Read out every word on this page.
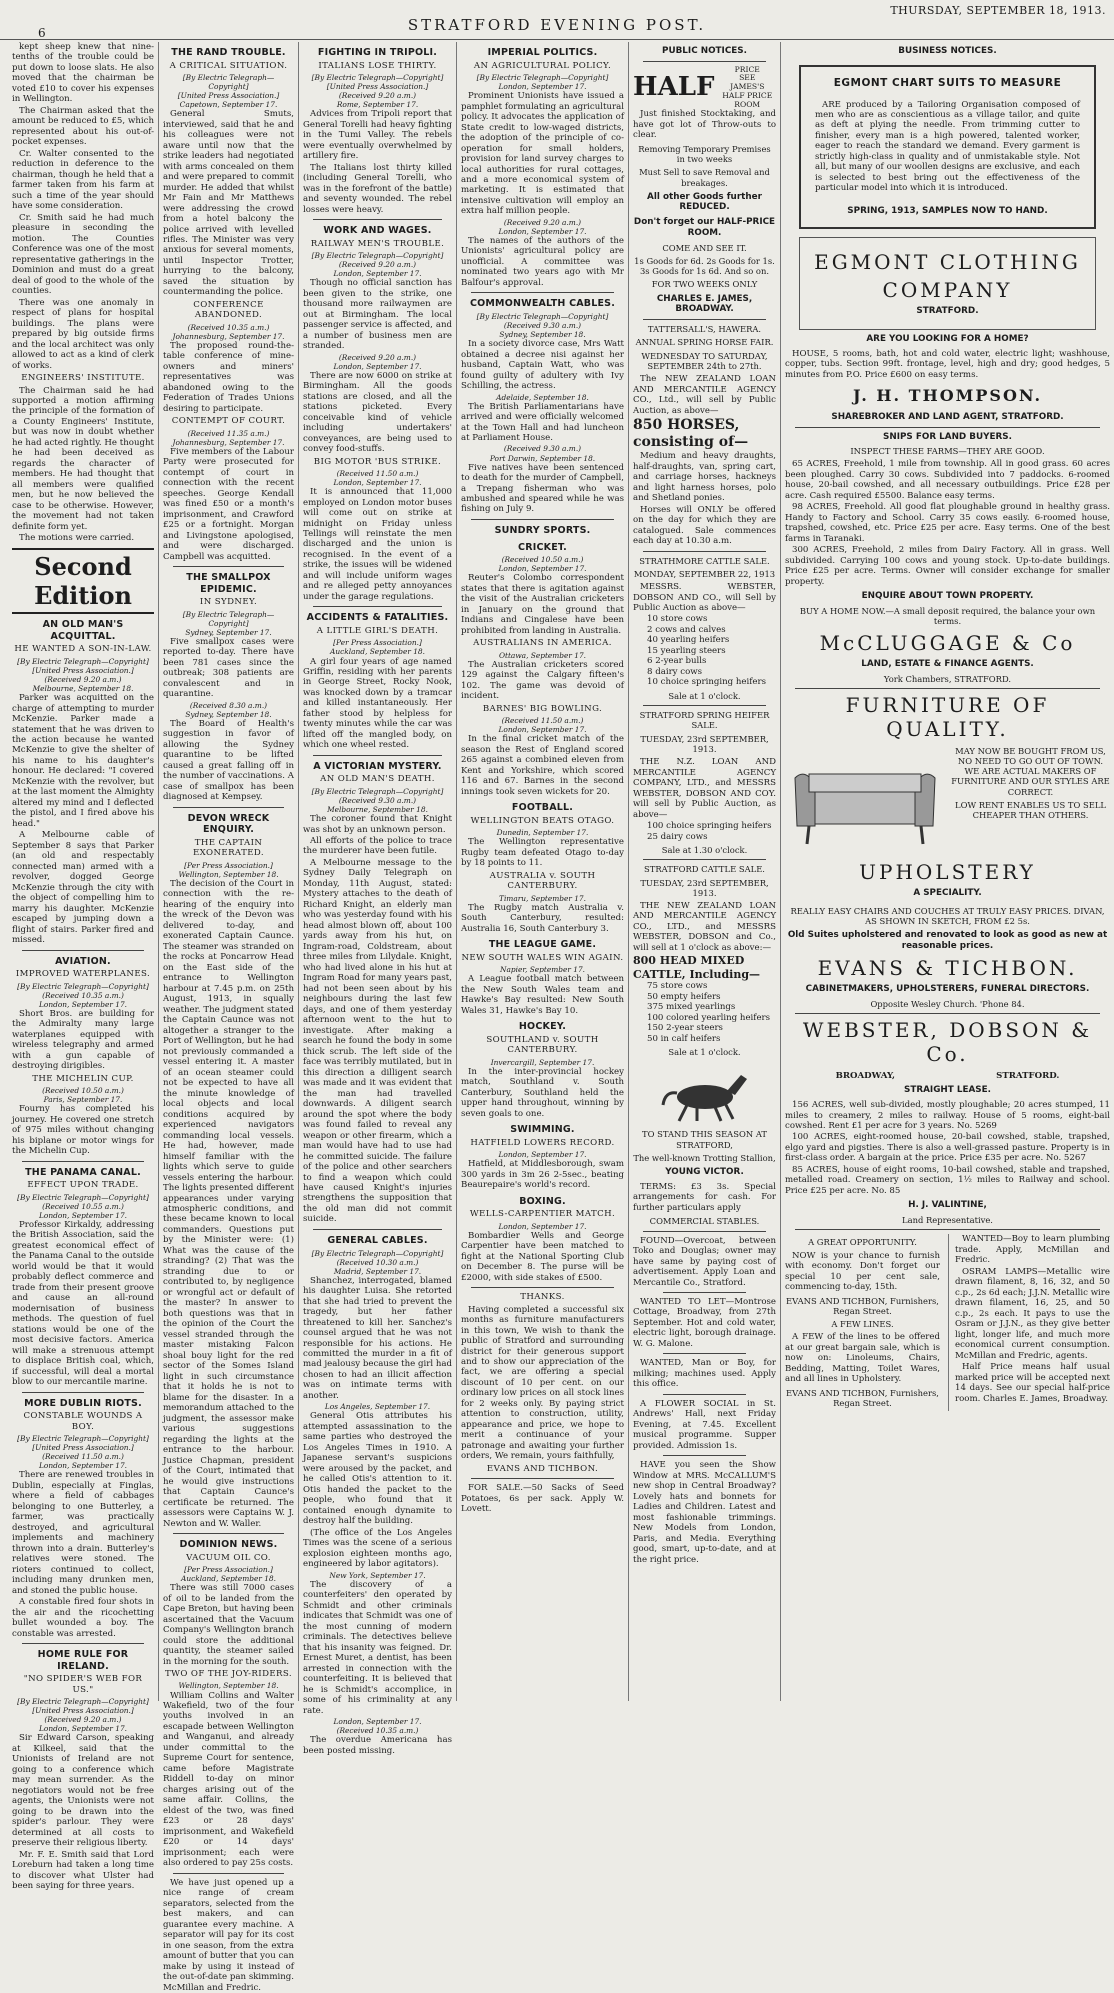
6	STRATFORD EVENING POST.
THURSDAY, SEPTEMBER 18, 1913.

kept sheep knew that nine-tenths of the trouble could be put down to loose slats. He also moved that the chairman be voted £10 to cover his expenses in Wellington.

The Chairman asked that the amount be reduced to £5, which represented about his out-of-pocket expenses.

Cr. Walter consented to the reduction in deference to the chairman, though he held that a farmer taken from his farm at such a time of the year should have some consideration.

Cr. Smith said he had much pleasure in seconding the motion. The Counties Conference was one of the most representative gatherings in the Dominion and must do a great deal of good to the whole of the counties.

There was one anomaly in respect of plans for hospital buildings. The plans were prepared by big outside firms and the local architect was only allowed to act as a kind of clerk of works.

ENGINEERS' INSTITUTE.

The Chairman said he had supported a motion affirming the principle of the formation of a County Engineers' Institute, but was now in doubt whether he had acted rightly. He thought he had been deceived as regards the character of members. He had thought that all members were qualified men, but he now believed the case to be otherwise. However, the movement had not taken definite form yet.

The motions were carried.

Second Edition
AN OLD MAN'S ACQUITTAL.
HE WANTED A SON-IN-LAW.
[By Electric Telegraph—Copyright]
[United Press Association.]
(Received 9.20 a.m.)
Melbourne, September 18.

Parker was acquitted on the charge of attempting to murder McKenzie. Parker made a statement that he was driven to the action because he wanted McKenzie to give the shelter of his name to his daughter's honour. He declared: "I covered McKenzie with the revolver, but at the last moment the Almighty altered my mind and I deflected the pistol, and I fired above his head."

A Melbourne cable of September 8 says that Parker (an old and respectably connected man) armed with a revolver, dogged George McKenzie through the city with the object of compelling him to marry his daughter. McKenzie escaped by jumping down a flight of stairs. Parker fired and missed.

AVIATION.
IMPROVED WATERPLANES.
[By Electric Telegraph—Copyright]
(Received 10.35 a.m.)
London, September 17.

Short Bros. are building for the Admiralty many large waterplanes equipped with wireless telegraphy and armed with a gun capable of destroying dirigibles.

THE MICHELIN CUP.
(Received 10.50 a.m.)
Paris, September 17.

Fourny has completed his journey. He covered one stretch of 975 miles without changing his biplane or motor wings for the Michelin Cup.

THE PANAMA CANAL.
EFFECT UPON TRADE.
[By Electric Telegraph—Copyright]
(Received 10.55 a.m.)
London, September 17.

Professor Kirkaldy, addressing the British Association, said the greatest economical effect of the Panama Canal to the outside world would be that it would probably deflect commerce and trade from their present groove and cause an all-round modernisation of business methods. The question of fuel stations would be one of the most decisive factors. America will make a strenuous attempt to displace British coal, which, if successful, will deal a mortal blow to our mercantile marine.

MORE DUBLIN RIOTS.
CONSTABLE WOUNDS A BOY.
[By Electric Telegraph—Copyright]
[United Press Association.]
(Received 11.50 a.m.)
London, September 17.

There are renewed troubles in Dublin, especially at Finglas, where a field of cabbages belonging to one Butterley, a farmer, was practically destroyed, and agricultural implements and machinery thrown into a drain. Butterley's relatives were stoned. The rioters continued to collect, including many drunken men, and stoned the public house.

A constable fired four shots in the air and the ricochetting bullet wounded a boy. The constable was arrested.

HOME RULE FOR IRELAND.
"NO SPIDER'S WEB FOR US."
[By Electric Telegraph—Copyright]
[United Press Association.]
(Received 9.20 a.m.)
London, September 17.

Sir Edward Carson, speaking at Kilkeel, said that the Unionists of Ireland are not going to a conference which may mean surrender. As the negotiators would not be free agents, the Unionists were not going to be drawn into the spider's parlour. They were determined at all costs to preserve their religious liberty.

Mr. F. E. Smith said that Lord Loreburn had taken a long time to discover what Ulster had been saying for three years.

THE RAND TROUBLE.
A CRITICAL SITUATION.
[By Electric Telegraph—Copyright]
[United Press Association.]
Capetown, September 17.

General Smuts, interviewed, said that he and his colleagues were not aware until now that the strike leaders had negotiated with arms concealed on them and were prepared to commit murder. He added that whilst Mr Fain and Mr Matthews were addressing the crowd from a hotel balcony the police arrived with levelled rifles. The Minister was very anxious for several moments, until Inspector Trotter, hurrying to the balcony, saved the situation by countermanding the police.

CONFERENCE ABANDONED.
(Received 10.35 a.m.)
Johannesburg, September 17.

The proposed round-the-table conference of mine-owners and miners' representatives was abandoned owing to the Federation of Trades Unions desiring to participate.

CONTEMPT OF COURT.
(Received 11.35 a.m.)
Johannesburg, September 17.

Five members of the Labour Party were prosecuted for contempt of court in connection with the recent speeches. George Kendall was fined £50 or a month's imprisonment, and Crawford £25 or a fortnight. Morgan and Livingstone apologised, and were discharged. Campbell was acquitted.

THE SMALLPOX EPIDEMIC.
IN SYDNEY.
[By Electric Telegraph—Copyright]
Sydney, September 17.

Five smallpox cases were reported to-day. There have been 781 cases since the outbreak; 308 patients are convalescent and in quarantine.

(Received 8.30 a.m.)
Sydney, September 18.

The Board of Health's suggestion in favor of allowing the Sydney quarantine to be lifted caused a great falling off in the number of vaccinations. A case of smallpox has been diagnosed at Kempsey.

DEVON WRECK ENQUIRY.
THE CAPTAIN EXONERATED.
[Per Press Association.]
Wellington, September 18.

The decision of the Court in connection with the re-hearing of the enquiry into the wreck of the Devon was delivered to-day, and exonerated Captain Caunce. The steamer was stranded on the rocks at Poncarrow Head on the East side of the entrance to Wellington harbour at 7.45 p.m. on 25th August, 1913, in squally weather. The judgment stated the Captain Caunce was not altogether a stranger to the Port of Wellington, but he had not previously commanded a vessel entering it. A master of an ocean steamer could not be expected to have all the minute knowledge of local objects and local conditions acquired by experienced navigators commanding local vessels. He had, however, made himself familiar with the lights which serve to guide vessels entering the harbour. The lights presented different appearances under varying atmospheric conditions, and these became known to local commanders. Questions put by the Minister were: (1) What was the cause of the stranding? (2) That was the stranding due to or contributed to, by negligence or wrongful act or default of the master? In answer to both questions was that in the opinion of the Court the vessel stranded through the master mistaking Falcon shoal bouy light for the red sector of the Somes Island light in such circumstance that it holds he is not to blame for the disaster. In a memorandum attached to the judgment, the assessor make various suggestions regarding the lights at the entrance to the harbour. Justice Chapman, president of the Court, intimated that he would give instructions that Captain Caunce's certificate be returned. The assessors were Captains W. J. Newton and W. Waller.

DOMINION NEWS.
VACUUM OIL CO.
[Per Press Association.]
Auckland, September 18.

There was still 7000 cases of oil to be landed from the Cape Breton, but having been ascertained that the Vacuum Company's Wellington branch could store the additional quantity, the steamer sailed in the morning for the south.

TWO OF THE JOY-RIDERS.
Wellington, September 18.

William Collins and Walter Wakefield, two of the four youths involved in an escapade between Wellington and Wanganui, and already under committal to the Supreme Court for sentence, came before Magistrate Riddell to-day on minor charges arising out of the same affair. Collins, the eldest of the two, was fined £23 or 28 days' imprisonment, and Wakefield £20 or 14 days' imprisonment; each were also ordered to pay 25s costs.

We have just opened up a nice range of cream separators, selected from the best makers, and can guarantee every machine. A separator will pay for its cost in one season, from the extra amount of butter that you can make by using it instead of the out-of-date pan skimming. McMillan and Fredric.

FIGHTING IN TRIPOLI.
ITALIANS LOSE THIRTY.
[By Electric Telegraph—Copyright]
[United Press Association.]
(Received 9.20 a.m.)
Rome, September 17.

Advices from Tripoli report that General Torelli had heavy fighting in the Tumi Valley. The rebels were eventually overwhelmed by artillery fire.

The Italians lost thirty killed (including General Torelli, who was in the forefront of the battle) and seventy wounded. The rebel losses were heavy.

WORK AND WAGES.
RAILWAY MEN'S TROUBLE.
[By Electric Telegraph—Copyright]
(Received 9.20 a.m.)
London, September 17.

Though no official sanction has been given to the strike, one thousand more railwaymen are out at Birmingham. The local passenger service is affected, and a number of business men are stranded.

(Received 9.20 a.m.)
London, September 17.

There are now 6000 on strike at Birmingham. All the goods stations are closed, and all the stations picketed. Every conceivable kind of vehicle including undertakers' conveyances, are being used to convey food-stuffs.

BIG MOTOR 'BUS STRIKE.
(Received 11.50 a.m.)
London, September 17.

It is announced that 11,000 employed on London motor buses will come out on strike at midnight on Friday unless Tellings will reinstate the men discharged and the union is recognised. In the event of a strike, the issues will be widened and will include uniform wages and re alleged petty annoyances under the garage regulations.

ACCIDENTS & FATALITIES.
A LITTLE GIRL'S DEATH.
[Per Press Association.]
Auckland, September 18.

A girl four years of age named Griffin, residing with her parents in George Street, Rocky Nook, was knocked down by a tramcar and killed instantaneously. Her father stood by helpless for twenty minutes while the car was lifted off the mangled body, on which one wheel rested.

A VICTORIAN MYSTERY.
AN OLD MAN'S DEATH.
[By Electric Telegraph—Copyright]
(Received 9.30 a.m.)
Melbourne, September 18.

The coroner found that Knight was shot by an unknown person.

All efforts of the police to trace the murderer have been futile.

A Melbourne message to the Sydney Daily Telegraph on Monday, 11th August, stated: Mystery attaches to the death of Richard Knight, an elderly man who was yesterday found with his head almost blown off, about 100 yards away from his hut, on Ingram-road, Coldstream, about three miles from Lilydale. Knight, who had lived alone in his hut at Ingram Road for many years past, had not been seen about by his neighbours during the last few days, and one of them yesterday afternoon went to the hut to investigate. After making a search he found the body in some thick scrub. The left side of the face was terribly mutilated, but in this direction a dilligent search was made and it was evident that the man had travelled downwards. A diligent search around the spot where the body was found failed to reveal any weapon or other firearm, which a man would have had to use had he committed suicide. The failure of the police and other searchers to find a weapon which could have caused Knight's injuries strengthens the supposition that the old man did not commit suicide.

GENERAL CABLES.
[By Electric Telegraph—Copyright]
(Received 10.30 a.m.)
Madrid, September 17.

Shanchez, interrogated, blamed his daughter Luisa. She retorted that she had tried to prevent the tragedy, but her father threatened to kill her. Sanchez's counsel argued that he was not responsible for his actions. He committed the murder in a fit of mad jealousy because the girl had chosen to had an illicit affection was on intimate terms with another.

Los Angeles, September 17.

General Otis attributes his attempted assassination to the same parties who destroyed the Los Angeles Times in 1910. A Japanese servant's suspicions were aroused by the packet, and he called Otis's attention to it. Otis handed the packet to the people, who found that it contained enough dynamite to destroy half the building.

(The office of the Los Angeles Times was the scene of a serious explosion eighteen months ago, engineered by labor agitators).

New York, September 17.

The discovery of a counterfeiters' den operated by Schmidt and other criminals indicates that Schmidt was one of the most cunning of modern criminals. The detectives believe that his insanity was feigned. Dr. Ernest Muret, a dentist, has been arrested in connection with the counterfeiting. It is believed that he is Schmidt's accomplice, in some of his criminality at any rate.

London, September 17.
(Received 10.35 a.m.)

The overdue Americana has been posted missing.

IMPERIAL POLITICS.
AN AGRICULTURAL POLICY.
[By Electric Telegraph—Copyright]
London, September 17.

Prominent Unionists have issued a pamphlet formulating an agricultural policy. It advocates the application of State credit to low-waged districts, the adoption of the principle of co-operation for small holders, provision for land survey charges to local authorities for rural cottages, and a more economical system of marketing. It is estimated that intensive cultivation will employ an extra half million people.

(Received 9.20 a.m.)
London, September 17.

The names of the authors of the Unionists' agricultural policy are unofficial. A committee was nominated two years ago with Mr Balfour's approval.

COMMONWEALTH CABLES.
[By Electric Telegraph—Copyright]
(Received 9.30 a.m.)
Sydney, September 18.

In a society divorce case, Mrs Watt obtained a decree nisi against her husband, Captain Watt, who was found guilty of adultery with Ivy Schilling, the actress.

Adelaide, September 18.

The British Parliamentarians have arrived and were officially welcomed at the Town Hall and had luncheon at Parliament House.

(Received 9.30 a.m.)
Port Darwin, September 18.

Five natives have been sentenced to death for the murder of Campbell, a Trepang fisherman who was ambushed and speared while he was fishing on July 9.

SUNDRY SPORTS.
CRICKET.
(Received 10.50 a.m.)
London, September 17.

Reuter's Colombo correspondent states that there is agitation against the visit of the Australian cricketers in January on the ground that Indians and Cingalese have been prohibited from landing in Australia.

AUSTRALIANS IN AMERICA.
Ottawa, September 17.

The Australian cricketers scored 129 against the Calgary fifteen's 102. The game was devoid of incident.

BARNES' BIG BOWLING.
(Received 11.50 a.m.)
London, September 17.

In the final cricket match of the season the Rest of England scored 265 against a combined eleven from Kent and Yorkshire, which scored 116 and 67. Barnes in the second innings took seven wickets for 20.

FOOTBALL.
WELLINGTON BEATS OTAGO.
Dunedin, September 17.

The Wellington representative Rugby team defeated Otago to-day by 18 points to 11.

AUSTRALIA v. SOUTH CANTERBURY.
Timaru, September 17.

The Rugby match Australia v. South Canterbury, resulted: Australia 16, South Canterbury 3.

THE LEAGUE GAME.
NEW SOUTH WALES WIN AGAIN.
Napier, September 17.

A League football match between the New South Wales team and Hawke's Bay resulted: New South Wales 31, Hawke's Bay 10.

HOCKEY.
SOUTHLAND v. SOUTH CANTERBURY.
Invercargill, September 17.

In the inter-provincial hockey match, Southland v. South Canterbury, Southland held the upper hand throughout, winning by seven goals to one.

SWIMMING.
HATFIELD LOWERS RECORD.
London, September 17.

Hatfield, at Middlesborough, swam 300 yards in 3m 26 2-5sec., beating Beaurepaire's world's record.

BOXING.
WELLS-CARPENTIER MATCH.
London, September 17.

Bombardier Wells and George Carpentier have been matched to fight at the National Sporting Club on December 8. The purse will be £2000, with side stakes of £500.

THANKS.

Having completed a successful six months as furniture manufacturers in this town, We wish to thank the public of Stratford and surrounding district for their generous support and to show our appreciation of the fact, we are offering a special discount of 10 per cent. on our ordinary low prices on all stock lines for 2 weeks only. By paying strict attention to construction, utility, appearance and price, we hope to merit a continuance of your patronage and awaiting your further orders, We remain, yours faithfully,

EVANS AND TICHBON.

FOR SALE.—50 Sacks of Seed Potatoes, 6s per sack. Apply W. Lovett.

PUBLIC NOTICES.
HALF
PRICE
SEE
JAMES'S
HALF PRICE ROOM

Just finished Stocktaking, and have got lot of Throw-outs to clear.

Removing Temporary Premises in two weeks
Must Sell to save Removal and breakages.
All other Goods further REDUCED.
Don't forget our HALF-PRICE ROOM.
COME AND SEE IT.
1s Goods for 6d. 2s Goods for 1s. 3s Goods for 1s 6d. And so on.
FOR TWO WEEKS ONLY
CHARLES E. JAMES, BROADWAY.
TATTERSALL'S, HAWERA.
ANNUAL SPRING HORSE FAIR.
WEDNESDAY TO SATURDAY, SEPTEMBER 24th to 27th.

The NEW ZEALAND LOAN AND MERCANTILE AGENCY CO., Ltd., will sell by Public Auction, as above—

850 HORSES, consisting of—

Medium and heavy draughts, half-draughts, van, spring cart, and carriage horses, hackneys and light harness horses, polo and Shetland ponies.

Horses will ONLY be offered on the day for which they are catalogued. Sale commences each day at 10.30 a.m.

STRATHMORE CATTLE SALE.
MONDAY, SEPTEMBER 22, 1913

MESSRS. WEBSTER, DOBSON AND CO., will Sell by Public Auction as above—

10 store cows
2 cows and calves
40 yearling heifers
15 yearling steers
6 2-year bulls
8 dairy cows
10 choice springing heifers
Sale at 1 o'clock.
STRATFORD SPRING HEIFER SALE.
TUESDAY, 23rd SEPTEMBER, 1913.

THE N.Z. LOAN AND MERCANTILE AGENCY COMPANY, LTD., and MESSRS WEBSTER, DOBSON AND COY. will sell by Public Auction, as above—

100 choice springing heifers
25 dairy cows
Sale at 1.30 o'clock.
STRATFORD CATTLE SALE.
TUESDAY, 23rd SEPTEMBER, 1913.

THE NEW ZEALAND LOAN AND MERCANTILE AGENCY CO., LTD., and MESSRS WEBSTER, DOBSON and Co., will sell at 1 o'clock as above:—

800 HEAD MIXED CATTLE, Including—
75 store cows
50 empty heifers
375 mixed yearlings
100 colored yearling heifers
150 2-year steers
50 in calf heifers
Sale at 1 o'clock.
TO STAND THIS SEASON AT STRATFORD,
The well-known Trotting Stallion,
YOUNG VICTOR.

TERMS: £3 3s. Special arrangements for cash. For further particulars apply

COMMERCIAL STABLES.

FOUND—Overcoat, between Toko and Douglas; owner may have same by paying cost of advertisement. Apply Loan and Mercantile Co., Stratford.

WANTED TO LET—Montrose Cottage, Broadway, from 27th September. Hot and cold water, electric light, borough drainage. W. G. Malone.

WANTED, Man or Boy, for milking; machines used. Apply this office.

A FLOWER SOCIAL in St. Andrews' Hall, next Friday Evening, at 7.45. Excellent musical programme. Supper provided. Admission 1s.

HAVE you seen the Show Window at MRS. McCALLUM'S new shop in Central Broadway? Lovely hats and bonnets for Ladies and Children. Latest and most fashionable trimmings. New Models from London, Paris, and Media. Everything good, smart, up-to-date, and at the right price.

BUSINESS NOTICES.
EGMONT CHART SUITS TO MEASURE

ARE produced by a Tailoring Organisation composed of men who are as conscientious as a village tailor, and quite as deft at plying the needle. From trimming cutter to finisher, every man is a high powered, talented worker, eager to reach the standard we demand. Every garment is strictly high-class in quality and of unmistakable style. Not all, but many of our woollen designs are exclusive, and each is selected to best bring out the effectiveness of the particular model into which it is introduced.

SPRING, 1913, SAMPLES NOW TO HAND.
EGMONT CLOTHING
COMPANY
STRATFORD.
ARE YOU LOOKING FOR A HOME?

HOUSE, 5 rooms, bath, hot and cold water, electric light; washhouse, copper, tubs. Section 99ft. frontage, level, high and dry; good hedges, 5 minutes from P.O. Price £600 on easy terms.

J. H. THOMPSON.
SHAREBROKER AND LAND AGENT, STRATFORD.
SNIPS FOR LAND BUYERS.
INSPECT THESE FARMS—THEY ARE GOOD.

65 ACRES, Freehold, 1 mile from township. All in good grass. 60 acres been ploughed. Carry 30 cows. Subdivided into 7 paddocks. 6-roomed house, 20-bail cowshed, and all necessary outbuildings. Price £28 per acre. Cash required £5500. Balance easy terms.

98 ACRES, Freehold. All good flat ploughable ground in healthy grass. Handy to Factory and School. Carry 35 cows easily. 6-roomed house, trapshed, cowshed, etc. Price £25 per acre. Easy terms. One of the best farms in Taranaki.

300 ACRES, Freehold, 2 miles from Dairy Factory. All in grass. Well subdivided. Carrying 100 cows and young stock. Up-to-date buildings. Price £25 per acre. Terms. Owner will consider exchange for smaller property.

ENQUIRE ABOUT TOWN PROPERTY.
BUY A HOME NOW.—A small deposit required, the balance your own terms.
McCLUGGAGE & Co
LAND, ESTATE & FINANCE AGENTS.
York Chambers, STRATFORD.
FURNITURE OF QUALITY.
MAY NOW BE BOUGHT FROM US, NO NEED TO GO OUT OF TOWN. WE ARE ACTUAL MAKERS OF FURNITURE AND OUR STYLES ARE CORRECT.
LOW RENT ENABLES US TO SELL CHEAPER THAN OTHERS.
UPHOLSTERY
A SPECIALITY.
REALLY EASY CHAIRS AND COUCHES AT TRULY EASY PRICES. DIVAN, AS SHOWN IN SKETCH, FROM £2 5s.
Old Suites upholstered and renovated to look as good as new at reasonable prices.
EVANS & TICHBON.
CABINETMAKERS, UPHOLSTERERS, FUNERAL DIRECTORS.
Opposite Wesley Church. 'Phone 84.
WEBSTER, DOBSON & Co.
BROADWAY,	STRATFORD.
STRAIGHT LEASE.

156 ACRES, well sub-divided, mostly ploughable; 20 acres stumped, 11 miles to creamery, 2 miles to railway. House of 5 rooms, eight-bail cowshed. Rent £1 per acre for 3 years. No. 5269

100 ACRES, eight-roomed house, 20-bail cowshed, stable, trapshed, elgo yard and pigsties. There is also a well-grassed pasture. Property is in first-class order. A bargain at the price. Price £35 per acre. No. 5267

85 ACRES, house of eight rooms, 10-bail cowshed, stable and trapshed, metalled road. Creamery on section, 1½ miles to Railway and school. Price £25 per acre. No. 85

H. J. VALINTINE,
Land Representative.
A GREAT OPPORTUNITY.

NOW is your chance to furnish with economy. Don't forget our special 10 per cent sale, commencing to-day, 15th.

EVANS AND TICHBON, Furnishers, Regan Street.
A FEW LINES.

A FEW of the lines to be offered at our great bargain sale, which is now on: Linoleums, Chairs, Bedding, Matting, Toilet Wares, and all lines in Upholstery.

EVANS AND TICHBON, Furnishers, Regan Street.

WANTED—Boy to learn plumbing trade. Apply, McMillan and Fredric.

OSRAM LAMPS—Metallic wire drawn filament, 8, 16, 32, and 50 c.p., 2s 6d each; J.J.N. Metallic wire drawn filament, 16, 25, and 50 c.p., 2s each. It pays to use the Osram or J.J.N., as they give better light, longer life, and much more economical current consumption. McMillan and Fredric, agents.

Half Price means half usual marked price will be accepted next 14 days. See our special half-price room. Charles E. James, Broadway.
